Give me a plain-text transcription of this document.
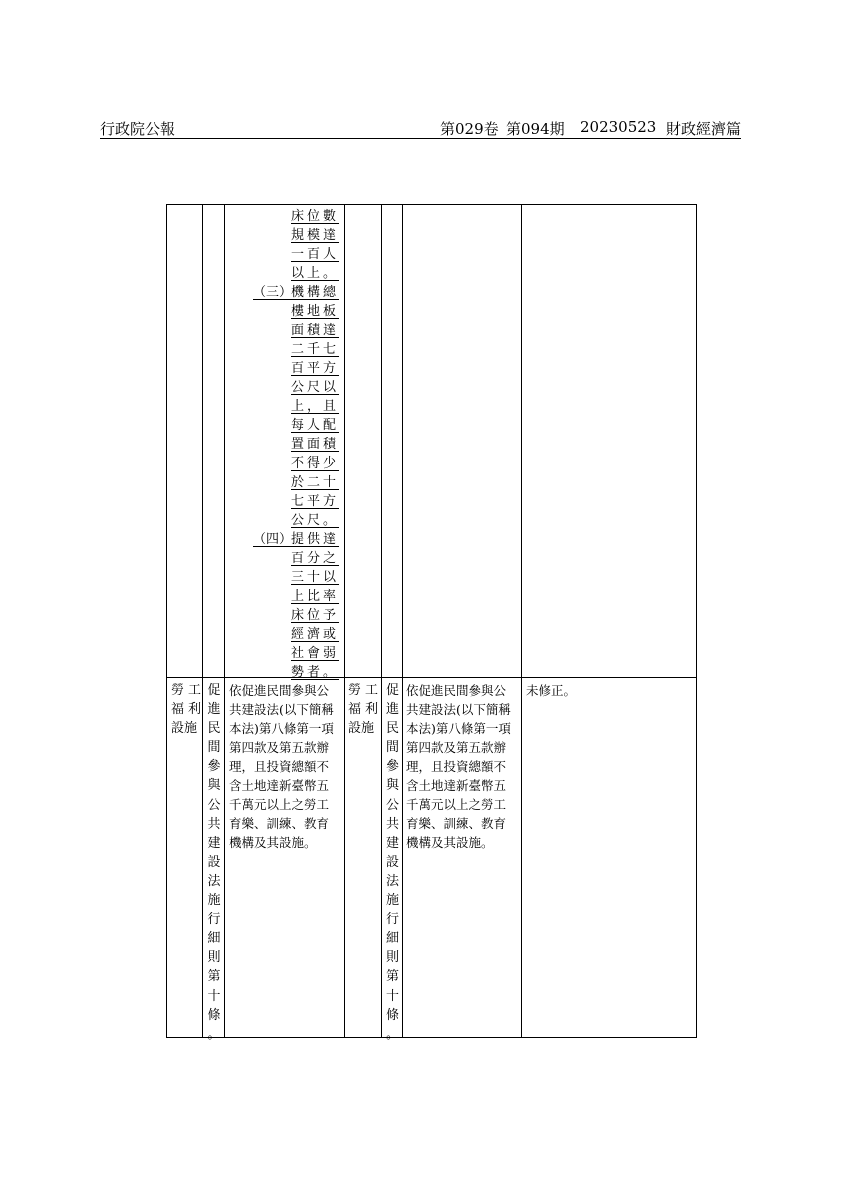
行政院公報	第029卷 第094期 20230523 財政經濟篇
床位數
規模達
一百人
以上。
（三）
機構總
樓地板
面積達
二千七
百平方
公尺以
上，且
每人配
置面積
不得少
於二十
七平方
公尺。
（四）
提供達
百分之
三十以
上比率
床位予
經濟或
社會弱
勢者。
勞工
福利
設施
促
進
民
間
參
與
公
共
建
設
法
施
行
細
則
第
十
條
。
依促進民間參與公
共建設法(以下簡稱
本法)第八條第一項
第四款及第五款辦
理，且投資總額不
含土地達新臺幣五
千萬元以上之勞工
育樂、訓練、教育
機構及其設施。
勞工
福利
設施
促
進
民
間
參
與
公
共
建
設
法
施
行
細
則
第
十
條
。
依促進民間參與公
共建設法(以下簡稱
本法)第八條第一項
第四款及第五款辦
理，且投資總額不
含土地達新臺幣五
千萬元以上之勞工
育樂、訓練、教育
機構及其設施。
未修正。
